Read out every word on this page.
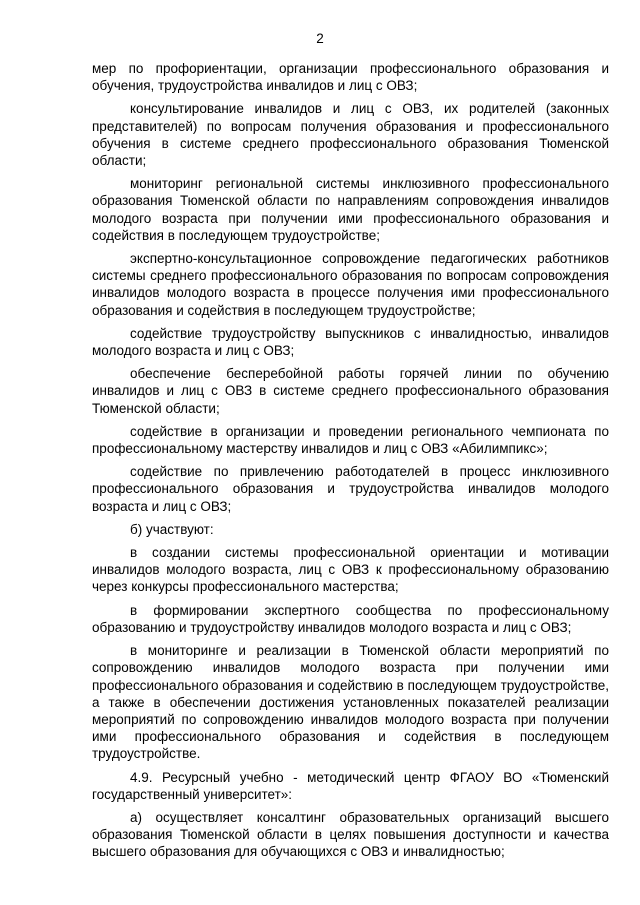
2

мер по профориентации, организации профессионального образования и обучения, трудоустройства инвалидов и лиц с ОВЗ;

консультирование инвалидов и лиц с ОВЗ, их родителей (законных представителей) по вопросам получения образования и профессионального обучения в системе среднего профессионального образования Тюменской области;

мониторинг региональной системы инклюзивного профессионального образования Тюменской области по направлениям сопровождения инвалидов молодого возраста при получении ими профессионального образования и содействия в последующем трудоустройстве;

экспертно-консультационное сопровождение педагогических работников системы среднего профессионального образования по вопросам сопровождения инвалидов молодого возраста в процессе получения ими профессионального образования и содействия в последующем трудоустройстве;

содействие трудоустройству выпускников с инвалидностью, инвалидов молодого возраста и лиц с ОВЗ;

обеспечение бесперебойной работы горячей линии по обучению инвалидов и лиц с ОВЗ в системе среднего профессионального образования Тюменской области;

содействие в организации и проведении регионального чемпионата по профессиональному мастерству инвалидов и лиц с ОВЗ «Абилимпикс»;

содействие по привлечению работодателей в процесс инклюзивного профессионального образования и трудоустройства инвалидов молодого возраста и лиц с ОВЗ;

б) участвуют:

в создании системы профессиональной ориентации и мотивации инвалидов молодого возраста, лиц с ОВЗ к профессиональному образованию через конкурсы профессионального мастерства;

в формировании экспертного сообщества по профессиональному образованию и трудоустройству инвалидов молодого возраста и лиц с ОВЗ;

в мониторинге и реализации в Тюменской области мероприятий по сопровождению инвалидов молодого возраста при получении ими профессионального образования и содействию в последующем трудоустройстве, а также в обеспечении достижения установленных показателей реализации мероприятий по сопровождению инвалидов молодого возраста при получении ими профессионального образования и содействия в последующем трудоустройстве.

4.9. Ресурсный учебно - методический центр ФГАОУ ВО «Тюменский государственный университет»:

а) осуществляет консалтинг образовательных организаций высшего образования Тюменской области в целях повышения доступности и качества высшего образования для обучающихся с ОВЗ и инвалидностью;
